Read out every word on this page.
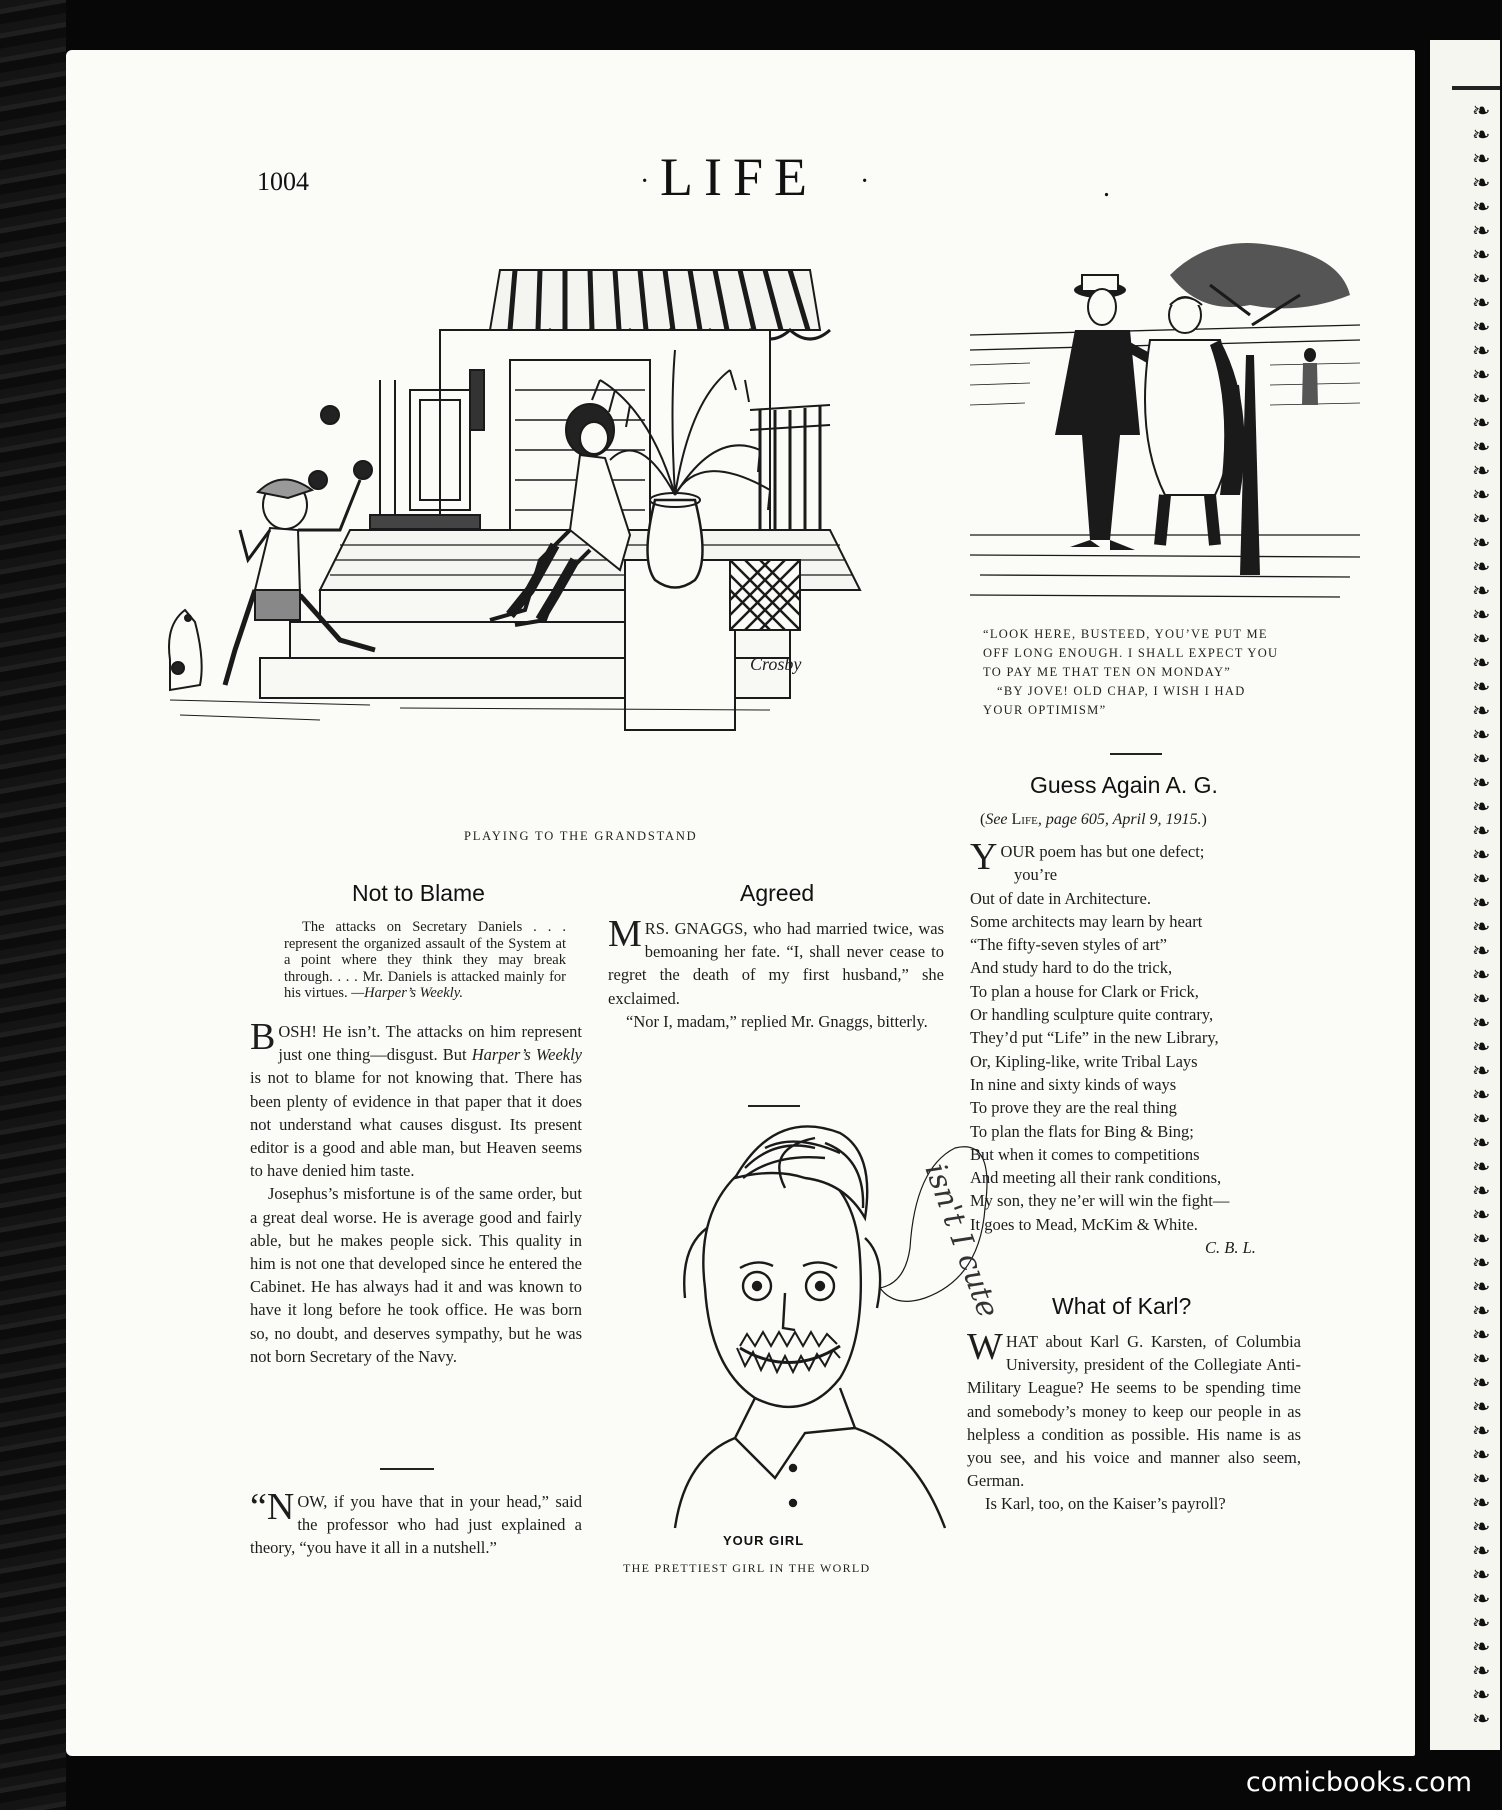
❧
❧
❧
❧
❧
❧
❧
❧
❧
❧
❧
❧
❧
❧
❧
❧
❧
❧
❧
❧
❧
❧
❧
❧
❧
❧
❧
❧
❧
❧
❧
❧
❧
❧
❧
❧
❧
❧
❧
❧
❧
❧
❧
❧
❧
❧
❧
❧
❧
❧
❧
❧
❧
❧
❧
❧
❧
❧
❧
❧
❧
❧
❧
❧
❧
❧
❧
❧
1004	· LIFE ·	.
Crosby
PLAYING TO THE GRANDSTAND
“LOOK HERE, BUSTEED, YOU’VE PUT ME
OFF LONG ENOUGH. I SHALL EXPECT YOU
TO PAY ME THAT TEN ON MONDAY”
“BY JOVE! OLD CHAP, I WISH I HAD
YOUR OPTIMISM”
Not to Blame
The attacks on Secretary Daniels . . . represent the organized assault of the System at a point where they think they may break through. . . . Mr. Daniels is attacked mainly for his virtues. —Harper’s Weekly.

BOSH! He isn’t. The attacks on him represent just one thing—disgust. But Harper’s Weekly is not to blame for not knowing that. There has been plenty of evidence in that paper that it does not understand what causes disgust. Its present editor is a good and able man, but Heaven seems to have denied him taste.

Josephus’s misfortune is of the same order, but a great deal worse. He is average good and fairly able, but he makes people sick. This quality in him is not one that developed since he entered the Cabinet. He has always had it and was known to have it long before he took office. He was born so, no doubt, and deserves sympathy, but he was not born Secretary of the Navy.

“N OW, if you have that in your head,” said the professor who had just explained a theory, “you have it all in a nutshell.”

Agreed

MRS. GNAGGS, who had married twice, was bemoaning her fate. “I, shall never cease to regret the death of my first husband,” she exclaimed.

“Nor I, madam,” replied Mr. Gnaggs, bitterly.

isn't I cute
YOUR GIRL
THE PRETTIEST GIRL IN THE WORLD
Guess Again A. G.
(See Life, page 605, April 9, 1915.)
YOUR poem has but one defect;
you’re
Out of date in Architecture.
Some architects may learn by heart
“The fifty-seven styles of art”
And study hard to do the trick,
To plan a house for Clark or Frick,
Or handling sculpture quite contrary,
They’d put “Life” in the new Library,
Or, Kipling-like, write Tribal Lays
In nine and sixty kinds of ways
To prove they are the real thing
To plan the flats for Bing & Bing;
But when it comes to competitions
And meeting all their rank conditions,
My son, they ne’er will win the fight—
It goes to Mead, McKim & White.
C. B. L.
What of Karl?

WHAT about Karl G. Karsten, of Columbia University, president of the Collegiate Anti-Military League? He seems to be spending time and somebody’s money to keep our people in as helpless a condition as possible. His name is as you see, and his voice and manner also seem, German.

Is Karl, too, on the Kaiser’s payroll?

comicbooks.com
